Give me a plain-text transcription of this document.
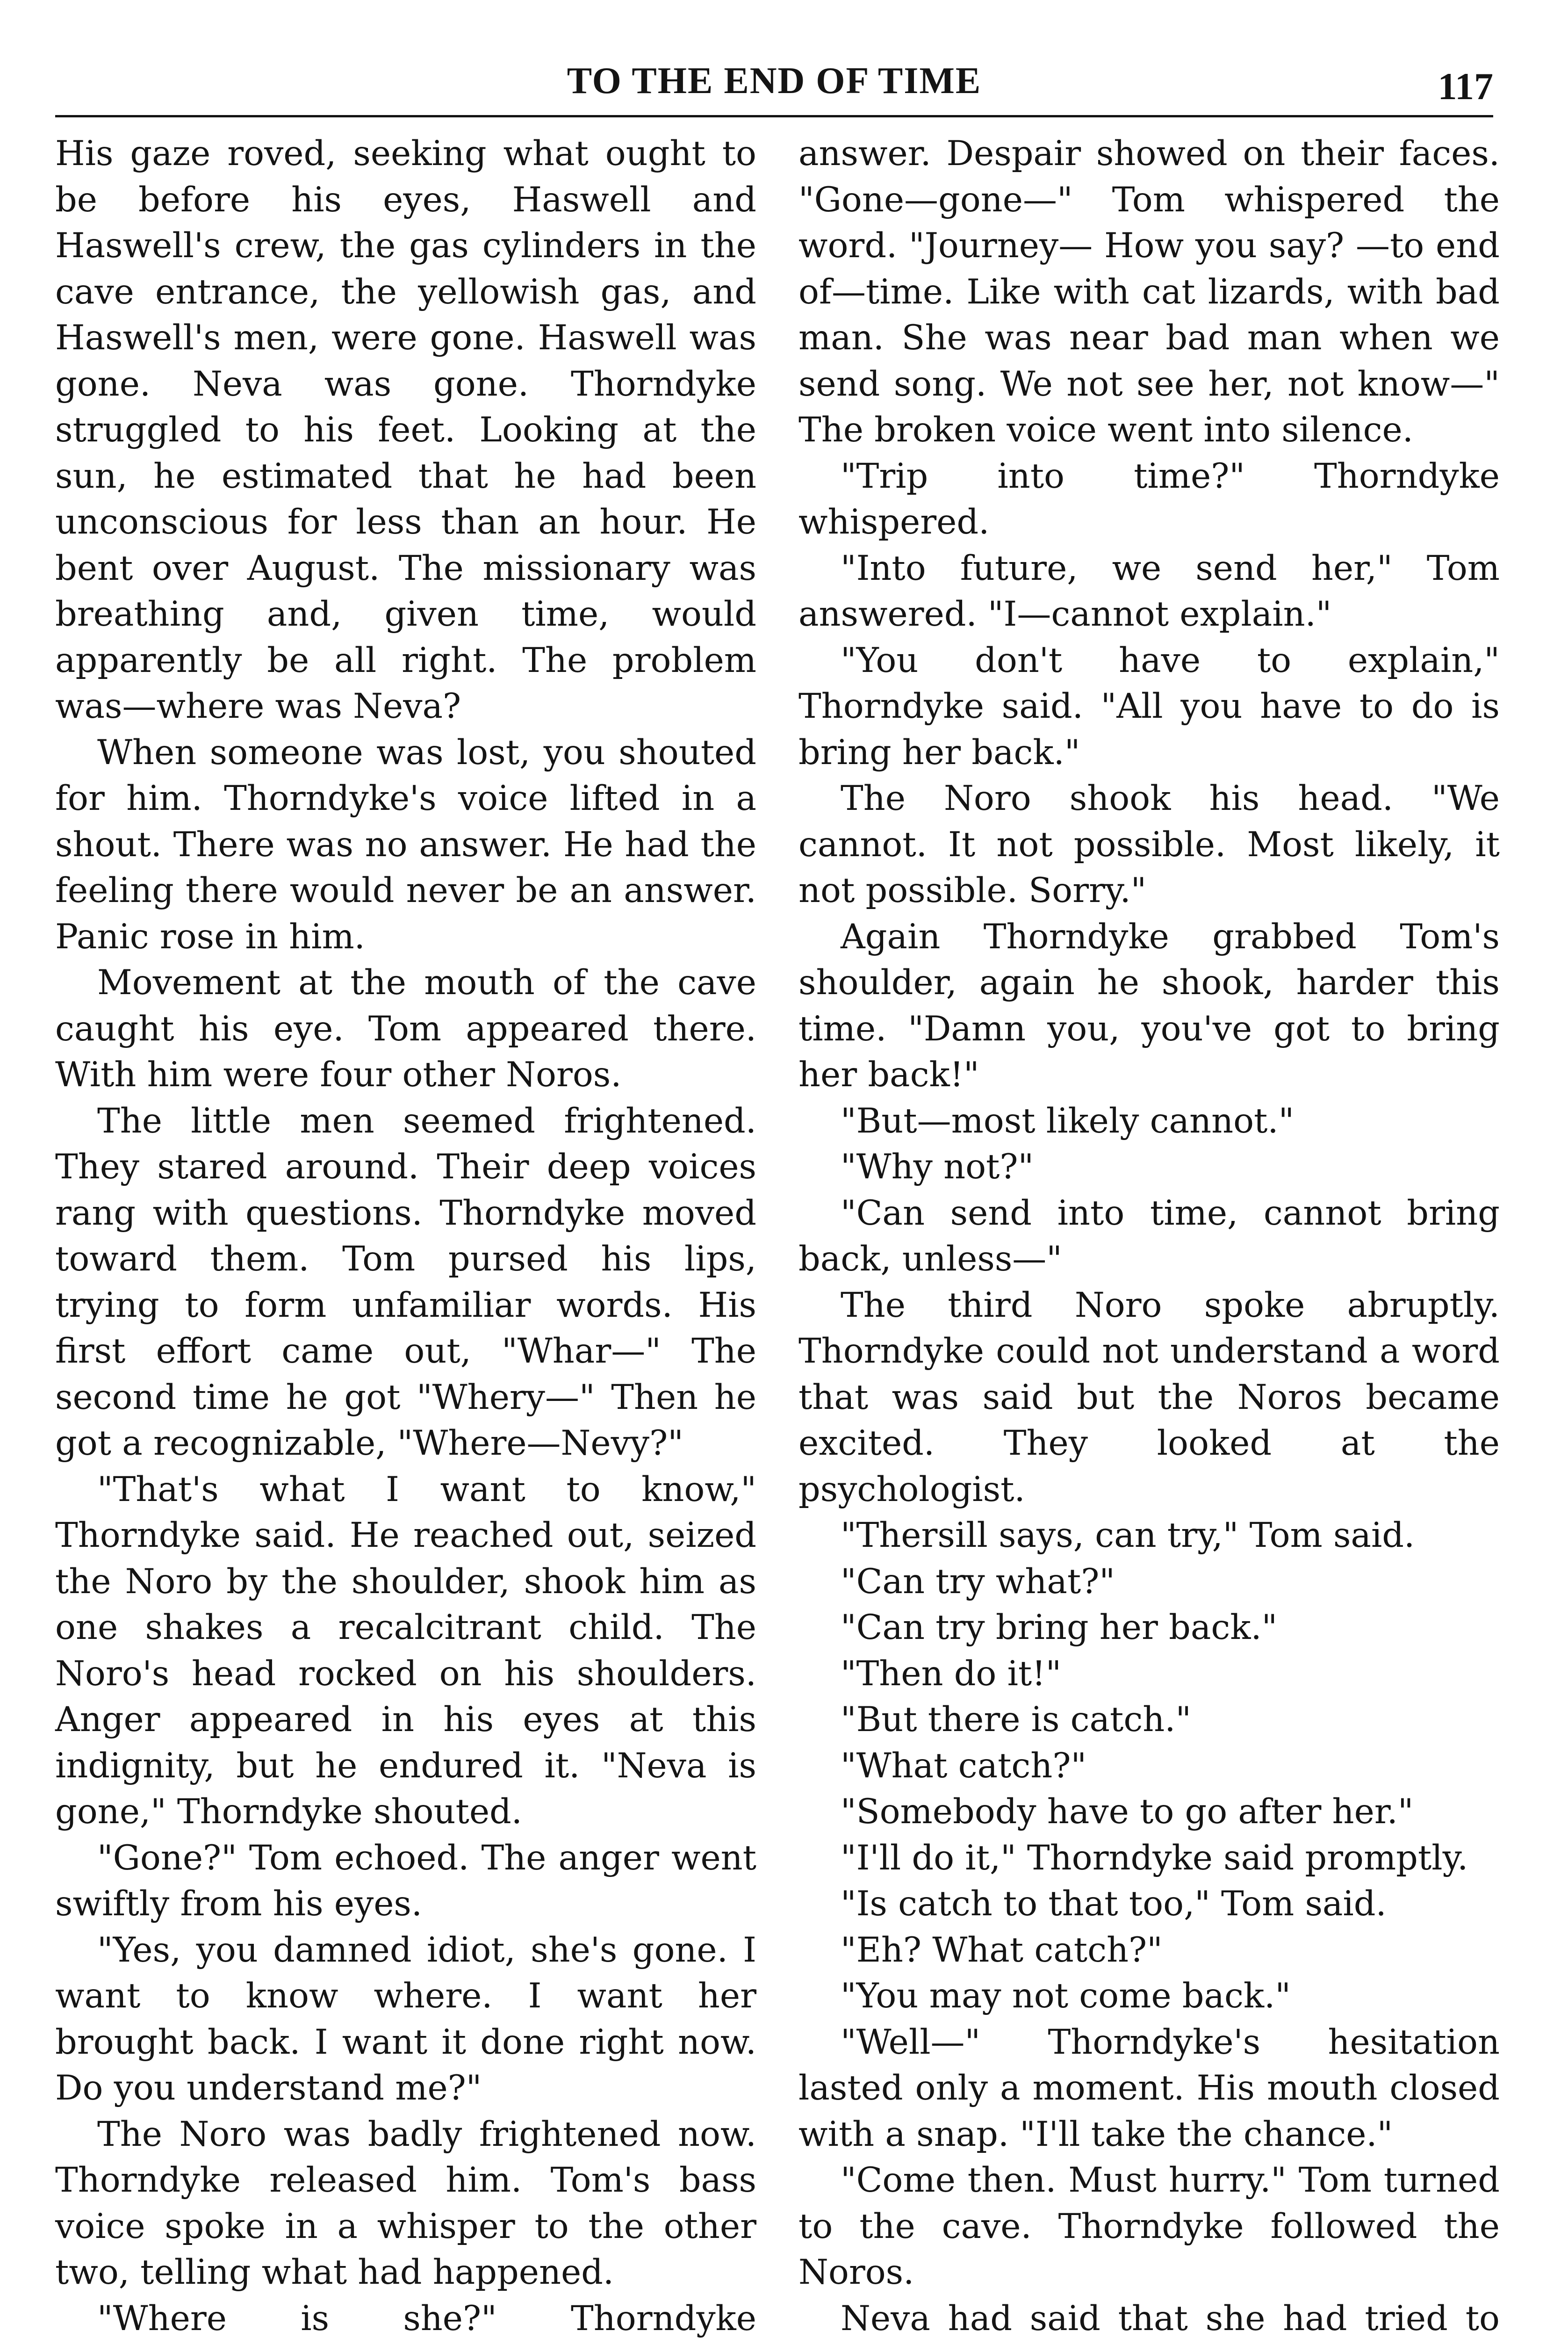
TO THE END OF TIME	117

His gaze roved, seeking what ought to be before his eyes, Haswell and Haswell's crew, the gas cylinders in the cave entrance, the yellowish gas, and Haswell's men, were gone. Haswell was gone. Neva was gone. Thorndyke struggled to his feet. Looking at the sun, he estimated that he had been unconscious for less than an hour. He bent over August. The missionary was breathing and, given time, would apparently be all right. The problem was—where was Neva?

When someone was lost, you shouted for him. Thorndyke's voice lifted in a shout. There was no answer. He had the feeling there would never be an answer. Panic rose in him.

Movement at the mouth of the cave caught his eye. Tom appeared there. With him were four other Noros.

The little men seemed frightened. They stared around. Their deep voices rang with questions. Thorndyke moved toward them. Tom pursed his lips, trying to form unfamiliar words. His first effort came out, "Whar—" The second time he got "Whery—" Then he got a recognizable, "Where—Nevy?"

"That's what I want to know," Thorndyke said. He reached out, seized the Noro by the shoulder, shook him as one shakes a recalcitrant child. The Noro's head rocked on his shoulders. Anger appeared in his eyes at this indignity, but he endured it. "Neva is gone," Thorndyke shouted.

"Gone?" Tom echoed. The anger went swiftly from his eyes.

"Yes, you damned idiot, she's gone. I want to know where. I want her brought back. I want it done right now. Do you understand me?"

The Noro was badly frightened now. Thorndyke released him. Tom's bass voice spoke in a whisper to the other two, telling what had happened.

"Where is she?" Thorndyke

answer. Despair showed on their faces. "Gone—gone—" Tom whispered the word. "Journey— How you say? —to end of—time. Like with cat lizards, with bad man. She was near bad man when we send song. We not see her, not know—" The broken voice went into silence.

"Trip into time?" Thorndyke whispered.

"Into future, we send her," Tom answered. "I—cannot explain."

"You don't have to explain," Thorndyke said. "All you have to do is bring her back."

The Noro shook his head. "We cannot. It not possible. Most likely, it not possible. Sorry."

Again Thorndyke grabbed Tom's shoulder, again he shook, harder this time. "Damn you, you've got to bring her back!"

"But—most likely cannot."

"Why not?"

"Can send into time, cannot bring back, unless—"

The third Noro spoke abruptly. Thorndyke could not understand a word that was said but the Noros became excited. They looked at the psychologist.

"Thersill says, can try," Tom said.

"Can try what?"

"Can try bring her back."

"Then do it!"

"But there is catch."

"What catch?"

"Somebody have to go after her."

"I'll do it," Thorndyke said promptly.

"Is catch to that too," Tom said.

"Eh? What catch?"

"You may not come back."

"Well—" Thorndyke's hesitation lasted only a moment. His mouth closed with a snap. "I'll take the chance."

"Come then. Must hurry." Tom turned to the cave. Thorndyke followed the Noros.

Neva had said that she had tried to
